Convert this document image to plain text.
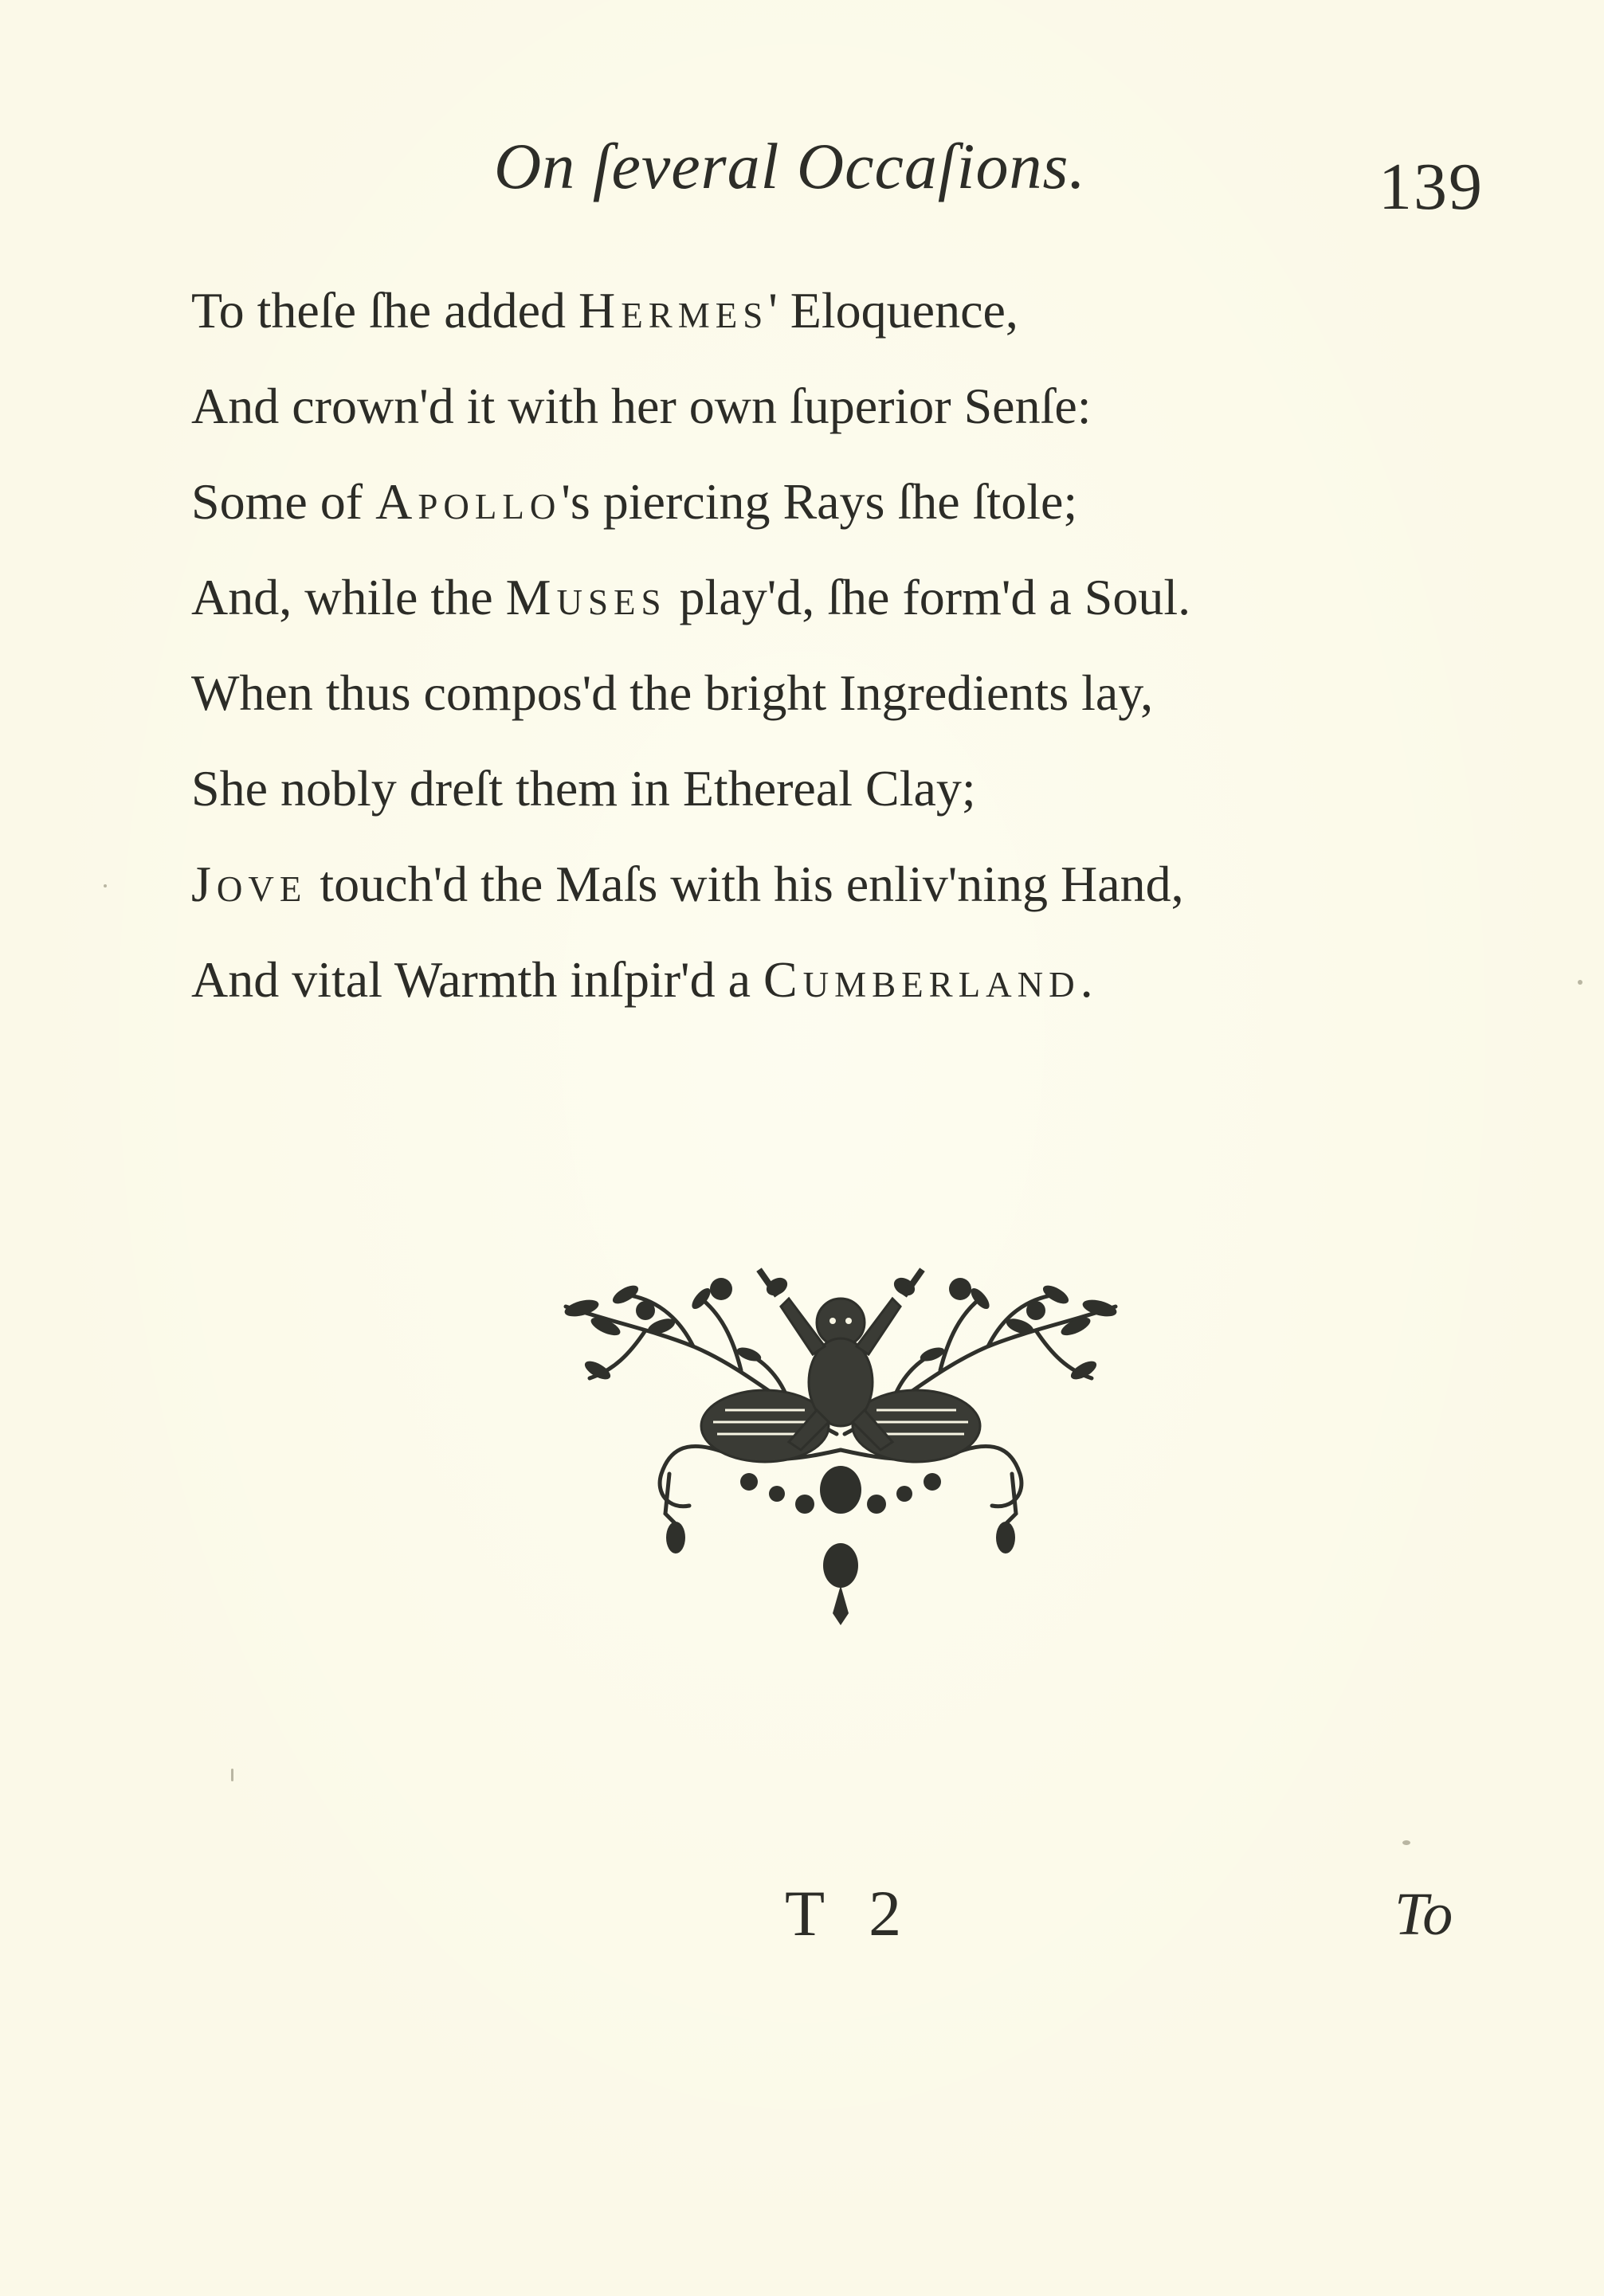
On ſeveral Occaſions.	139
To theſe ſhe added Hermes' Eloquence,
And crown'd it with her own ſuperior Senſe:
Some of Apollo's piercing Rays ſhe ſtole;
And, while the Muses play'd, ſhe form'd a Soul.
When thus compos'd the bright Ingredients lay,
She nobly dreſt them in Ethereal Clay;
Jove touch'd the Maſs with his enliv'ning Hand,
And vital Warmth inſpir'd a Cumberland.
T 2	To
